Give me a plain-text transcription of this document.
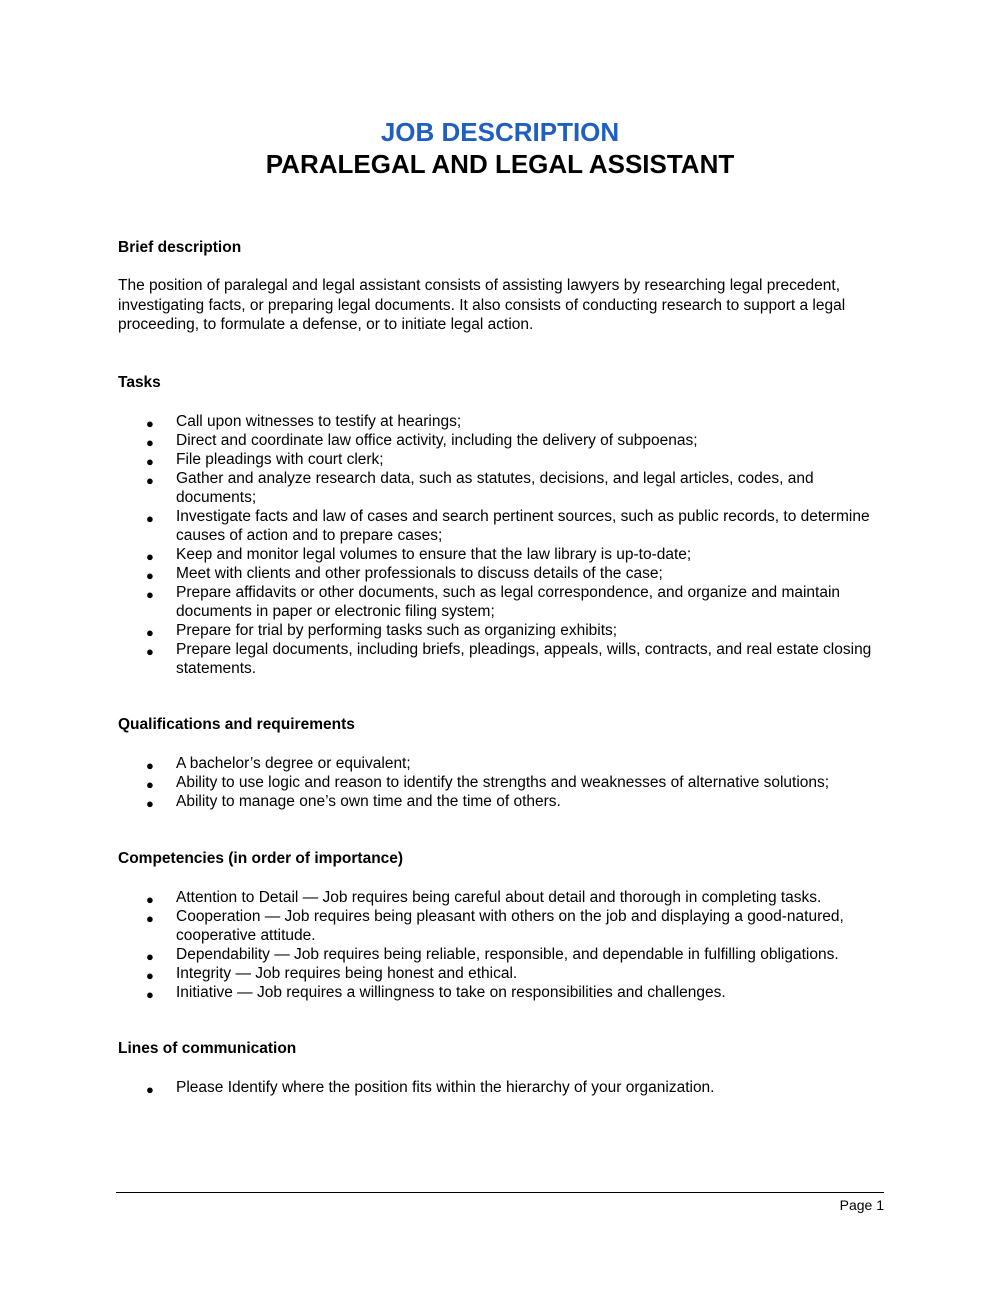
JOB DESCRIPTION
PARALEGAL AND LEGAL ASSISTANT
Brief description

The position of paralegal and legal assistant consists of assisting lawyers by researching legal precedent, investigating facts, or preparing legal documents. It also consists of conducting research to support a legal proceeding, to formulate a defense, or to initiate legal action.

Tasks
● Call upon witnesses to testify at hearings;
● Direct and coordinate law office activity, including the delivery of subpoenas;
● File pleadings with court clerk;
● Gather and analyze research data, such as statutes, decisions, and legal articles, codes, and documents;
● Investigate facts and law of cases and search pertinent sources, such as public records, to determine causes of action and to prepare cases;
● Keep and monitor legal volumes to ensure that the law library is up-to-date;
● Meet with clients and other professionals to discuss details of the case;
● Prepare affidavits or other documents, such as legal correspondence, and organize and maintain documents in paper or electronic filing system;
● Prepare for trial by performing tasks such as organizing exhibits;
● Prepare legal documents, including briefs, pleadings, appeals, wills, contracts, and real estate closing statements.
Qualifications and requirements
● A bachelor’s degree or equivalent;
● Ability to use logic and reason to identify the strengths and weaknesses of alternative solutions;
● Ability to manage one’s own time and the time of others.
Competencies (in order of importance)
● Attention to Detail — Job requires being careful about detail and thorough in completing tasks.
● Cooperation — Job requires being pleasant with others on the job and displaying a good-natured, cooperative attitude.
● Dependability — Job requires being reliable, responsible, and dependable in fulfilling obligations.
● Integrity — Job requires being honest and ethical.
● Initiative — Job requires a willingness to take on responsibilities and challenges.
Lines of communication
● Please Identify where the position fits within the hierarchy of your organization.
Page 1
